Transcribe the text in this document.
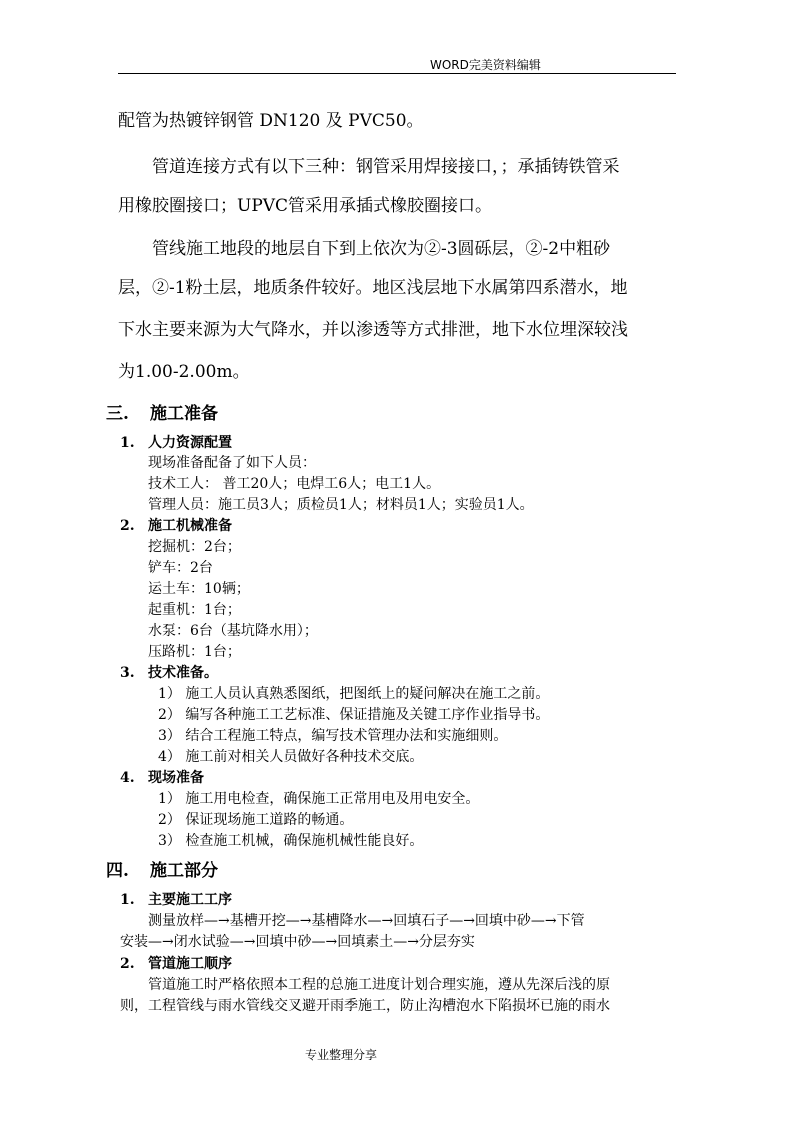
WORD完美资料编辑
配管为热镀锌钢管 DN120 及 PVC50。
管道连接方式有以下三种：钢管采用焊接接口，；承插铸铁管采
用橡胶圈接口；UPVC管采用承插式橡胶圈接口。
管线施工地段的地层自下到上依次为②-3圆砾层，②-2中粗砂
层，②-1粉土层，地质条件较好。地区浅层地下水属第四系潜水，地
下水主要来源为大气降水，并以渗透等方式排泄，地下水位埋深较浅
为1.00-2.00m。
三. 施工准备
1. 人力资源配置
现场准备配备了如下人员：
技术工人： 普工20人；电焊工6人；电工1人。
管理人员：施工员3人；质检员1人；材料员1人；实验员1人。
2. 施工机械准备
挖掘机：2台；
铲车：2台
运土车：10辆；
起重机：1台；
水泵：6台（基坑降水用）；
压路机：1台；
3. 技术准备。
1） 施工人员认真熟悉图纸，把图纸上的疑问解决在施工之前。
2） 编写各种施工工艺标准、保证措施及关键工序作业指导书。
3） 结合工程施工特点，编写技术管理办法和实施细则。
4） 施工前对相关人员做好各种技术交底。
4. 现场准备
1） 施工用电检查，确保施工正常用电及用电安全。
2） 保证现场施工道路的畅通。
3） 检查施工机械，确保施机械性能良好。
四. 施工部分
1. 主要施工工序
测量放样—→基槽开挖—→基槽降水—→回填石子—→回填中砂—→下管
安装—→闭水试验—→回填中砂—→回填素土—→分层夯实
2. 管道施工顺序
管道施工时严格依照本工程的总施工进度计划合理实施，遵从先深后浅的原
则，工程管线与雨水管线交叉避开雨季施工，防止沟槽泡水下陷损坏已施的雨水
专业整理分享
